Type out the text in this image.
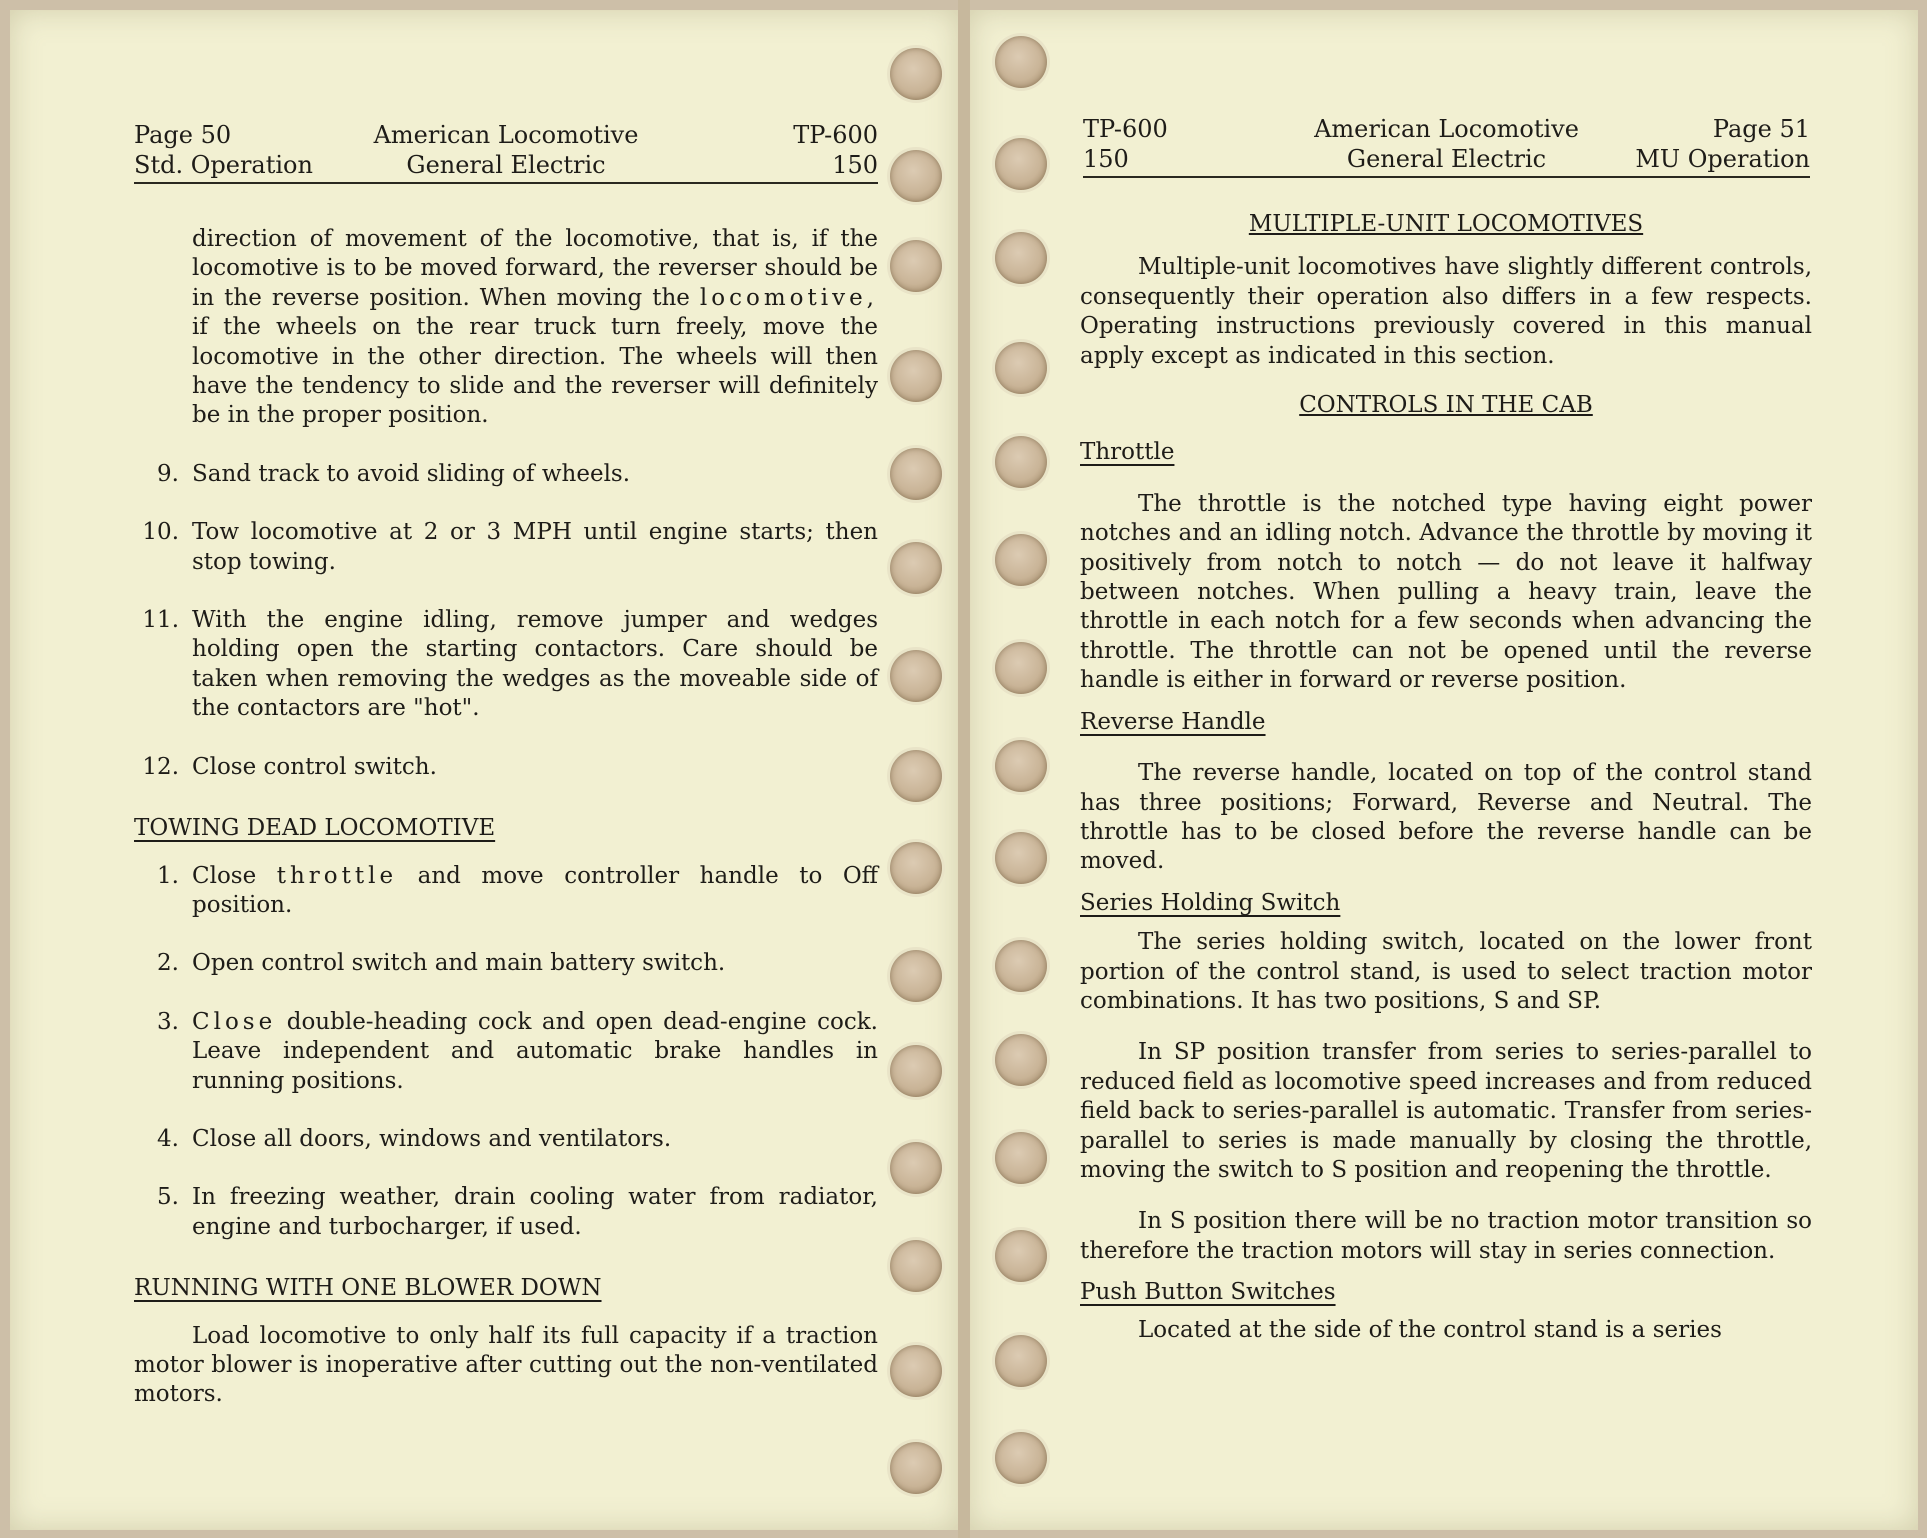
Page 50	American Locomotive	TP-600
Std. Operation	General Electric	150

direction of movement of the locomotive, that is, if the locomotive is to be moved forward, the reverser should be in the reverse position. When moving the locomotive, if the wheels on the rear truck turn freely, move the locomotive in the other direction. The wheels will then have the tendency to slide and the reverser will definitely be in the proper position.

9. Sand track to avoid sliding of wheels.
10. Tow locomotive at 2 or 3 MPH until engine starts; then stop towing.
11. With the engine idling, remove jumper and wedges holding open the starting contactors. Care should be taken when removing the wedges as the moveable side of the contactors are "hot".
12. Close control switch.

TOWING DEAD LOCOMOTIVE

1. Close throttle and move controller handle to Off position.
2. Open control switch and main battery switch.
3. Close double-heading cock and open dead-engine cock. Leave independent and automatic brake handles in running positions.
4. Close all doors, windows and ventilators.
5. In freezing weather, drain cooling water from radiator, engine and turbocharger, if used.

RUNNING WITH ONE BLOWER DOWN

Load locomotive to only half its full capacity if a traction motor blower is inoperative after cutting out the non-ventilated motors.

TP-600	American Locomotive	Page 51
150	General Electric	MU Operation

MULTIPLE-UNIT LOCOMOTIVES

Multiple-unit locomotives have slightly different controls, consequently their operation also differs in a few respects. Operating instructions previously covered in this manual apply except as indicated in this section.

CONTROLS IN THE CAB

Throttle

The throttle is the notched type having eight power notches and an idling notch. Advance the throttle by moving it positively from notch to notch — do not leave it halfway between notches. When pulling a heavy train, leave the throttle in each notch for a few seconds when advancing the throttle. The throttle can not be opened until the reverse handle is either in forward or reverse position.

Reverse Handle

The reverse handle, located on top of the control stand has three positions; Forward, Reverse and Neutral. The throttle has to be closed before the reverse handle can be moved.

Series Holding Switch

The series holding switch, located on the lower front portion of the control stand, is used to select traction motor combinations. It has two positions, S and SP.

In SP position transfer from series to series-parallel to reduced field as locomotive speed increases and from reduced field back to series-parallel is automatic. Transfer from series-parallel to series is made manually by closing the throttle, moving the switch to S position and reopening the throttle.

In S position there will be no traction motor transition so therefore the traction motors will stay in series connection.

Push Button Switches

Located at the side of the control stand is a series
